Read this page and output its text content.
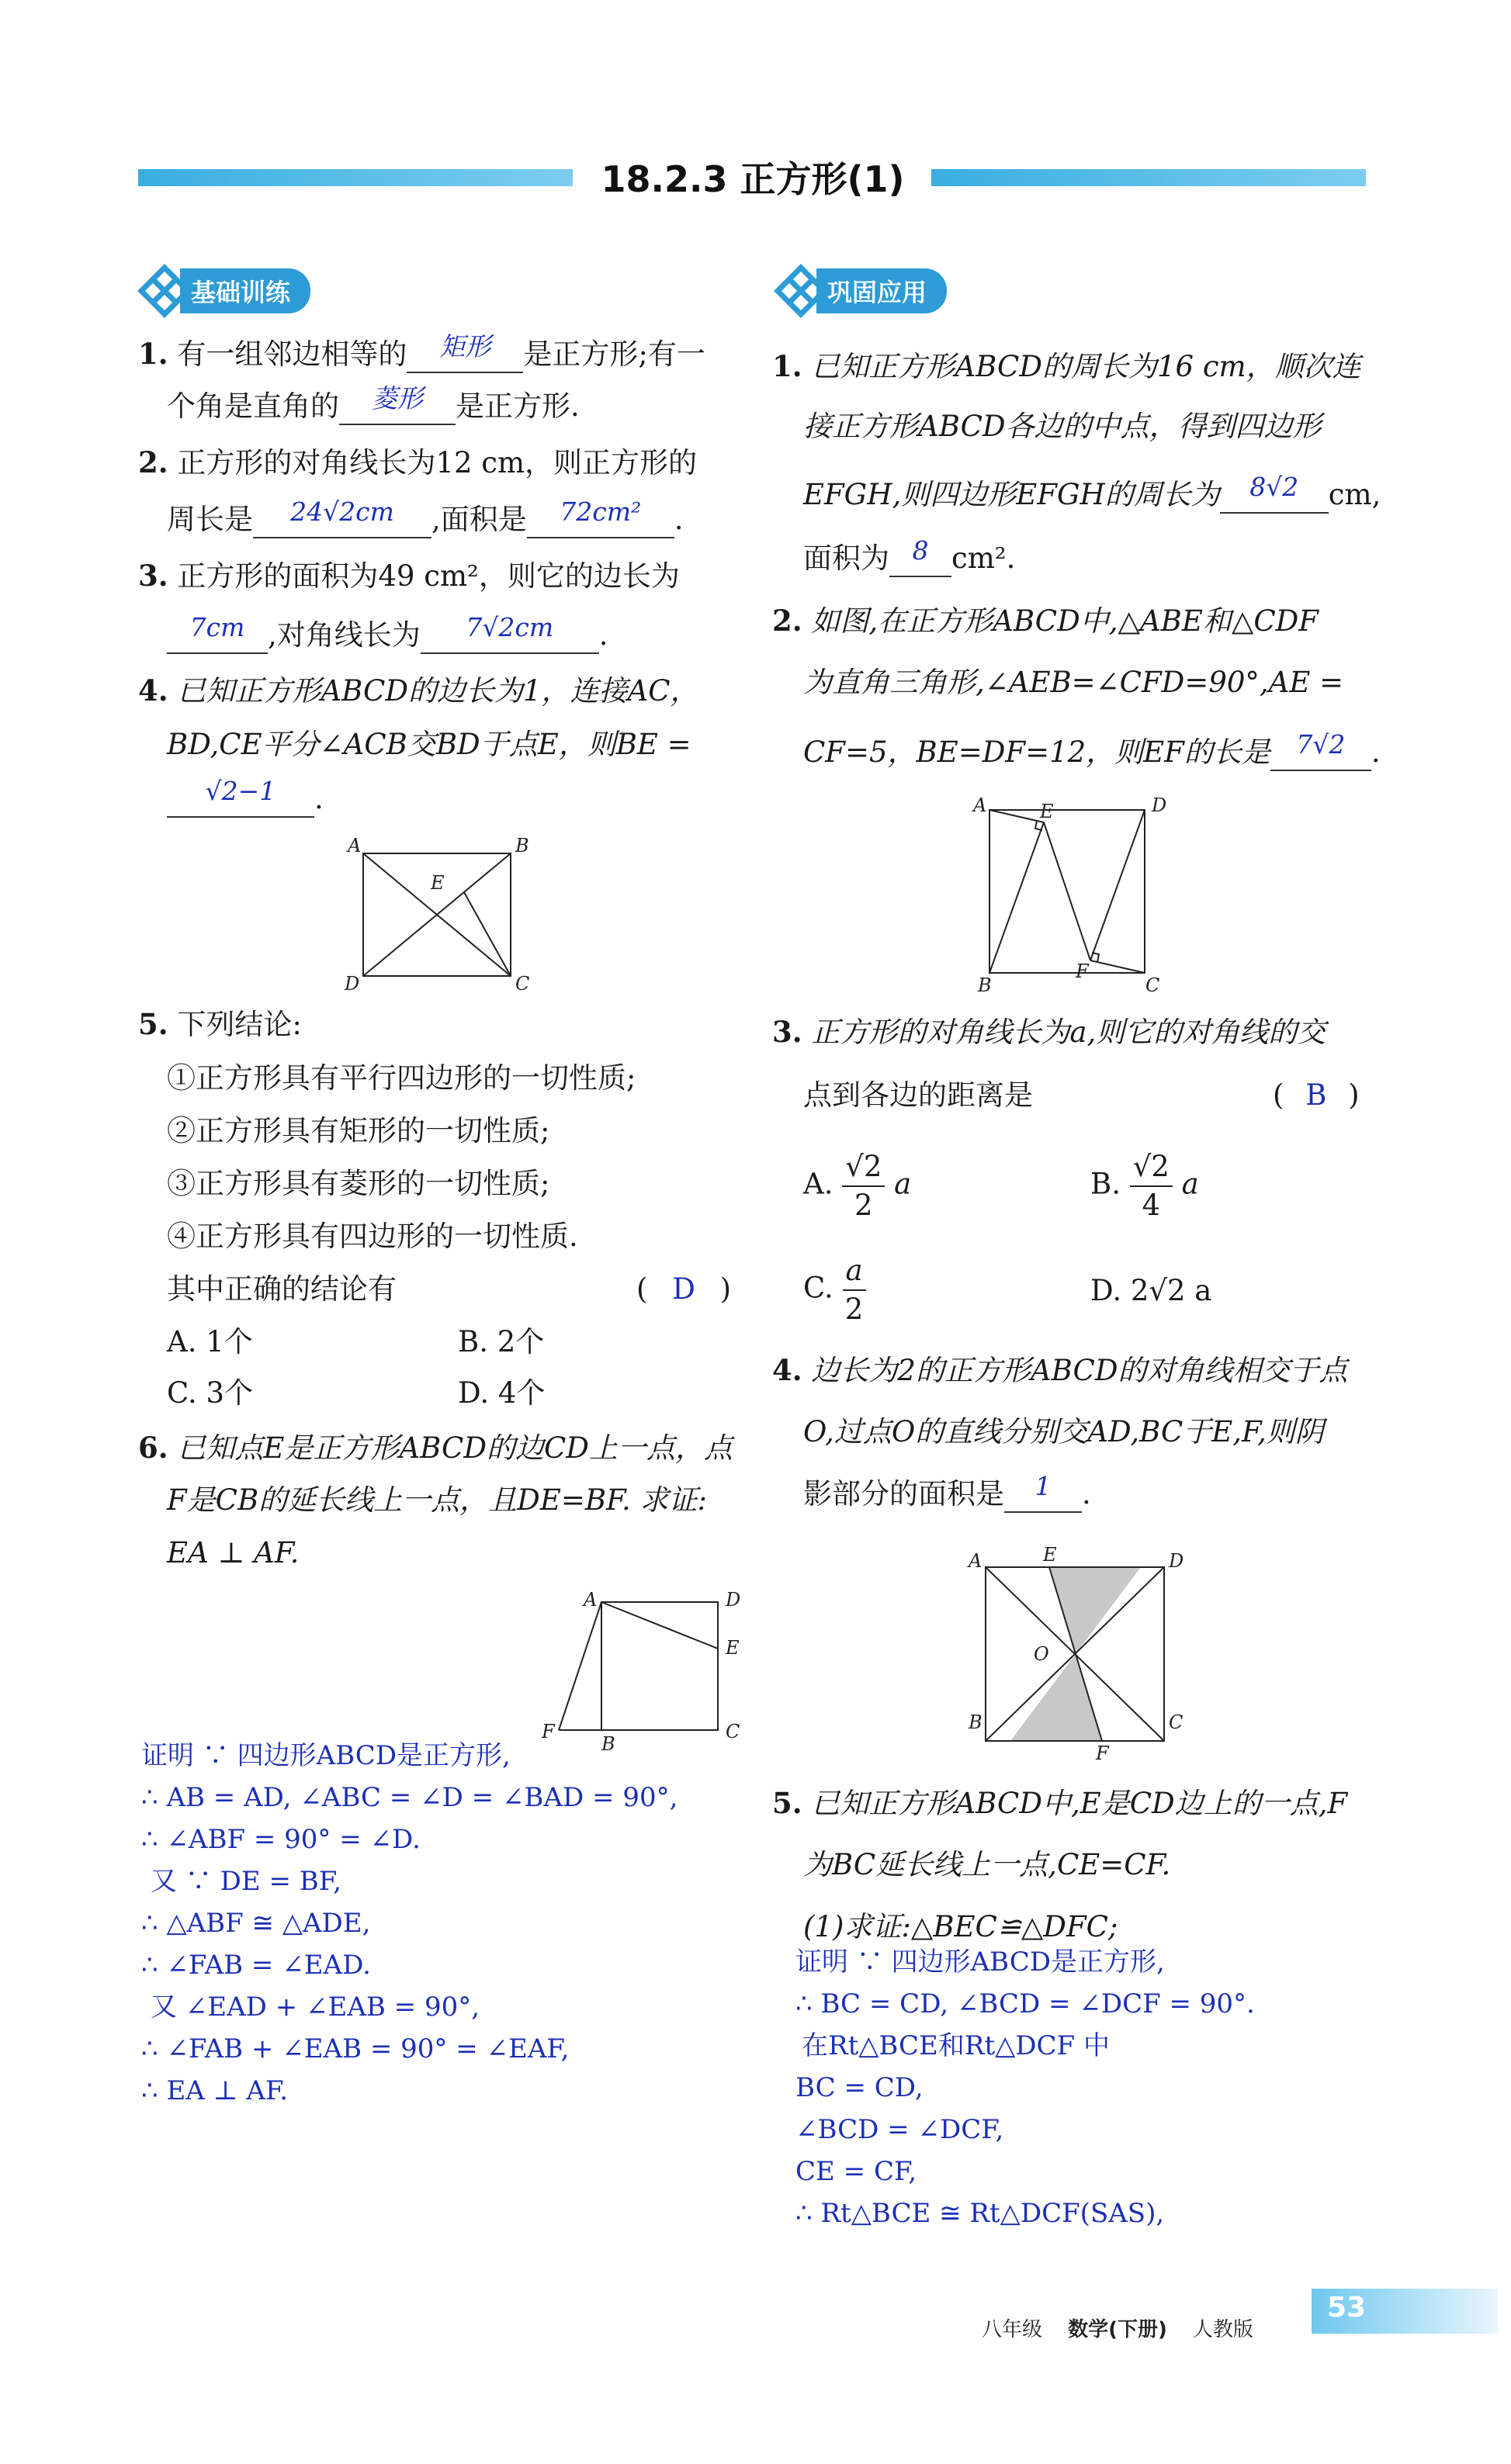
18.2.3 正方形(1)
基础训练
1. 有一组邻边相等的 矩形 是正方形;有一
个角是直角的 菱形 是正方形.
2. 正方形的对角线长为12 cm，则正方形的
周长是 24√2cm ,面积是 72cm² .
3. 正方形的面积为49 cm²，则它的边长为
7cm ,对角线长为 7√2cm .
4. 已知正方形ABCD的边长为1，连接AC，
BD,CE平分∠ACB交BD于点E，则BE =
√2−1 .
A	B
C
D
E
5. 下列结论:
①正方形具有平行四边形的一切性质;
②正方形具有矩形的一切性质;
③正方形具有菱形的一切性质;
④正方形具有四边形的一切性质.
其中正确的结论有	( D )
A. 1个	B. 2个
C. 3个	D. 4个
6. 已知点E是正方形ABCD的边CD上一点，点
F是CB的延长线上一点，且DE=BF. 求证:
EA ⊥ AF.
A	D
E
C
B
F
证明 ∵ 四边形ABCD是正方形,
∴ AB = AD, ∠ABC = ∠D = ∠BAD = 90°,
∴ ∠ABF = 90° = ∠D.
又 ∵ DE = BF,
∴ △ABF ≅ △ADE,
∴ ∠FAB = ∠EAD.
又 ∠EAD + ∠EAB = 90°,
∴ ∠FAB + ∠EAB = 90° = ∠EAF,
∴ EA ⊥ AF.
巩固应用
1. 已知正方形ABCD的周长为16 cm，顺次连
接正方形ABCD各边的中点，得到四边形
EFGH,则四边形EFGH的周长为 8√2 cm,
面积为 8 cm².
2. 如图,在正方形ABCD中,△ABE和△CDF
为直角三角形,∠AEB=∠CFD=90°,AE =
CF=5，BE=DF=12，则EF的长是 7√2 .
A	D
B	C
E
F
3. 正方形的对角线长为a,则它的对角线的交
点到各边的距离是	( B )
A. $\frac{√2}{2}$ a	B. $\frac{√2}{4}$ a
C. $\frac{a}{2}$	D. 2√2 a
4. 边长为2的正方形ABCD的对角线相交于点
O,过点O的直线分别交AD,BC于E,F,则阴
影部分的面积是 1 .
A	E	D
O
B	C
F
5. 已知正方形ABCD中,E是CD边上的一点,F
为BC延长线上一点,CE=CF.
(1)求证:△BEC≌△DFC;
证明 ∵ 四边形ABCD是正方形,
∴ BC = CD, ∠BCD = ∠DCF = 90°.
在Rt△BCE和Rt△DCF 中
BC = CD,
∠BCD = ∠DCF,
CE = CF,
∴ Rt△BCE ≅ Rt△DCF(SAS),
八年级 数学(下册) 人教版
53
